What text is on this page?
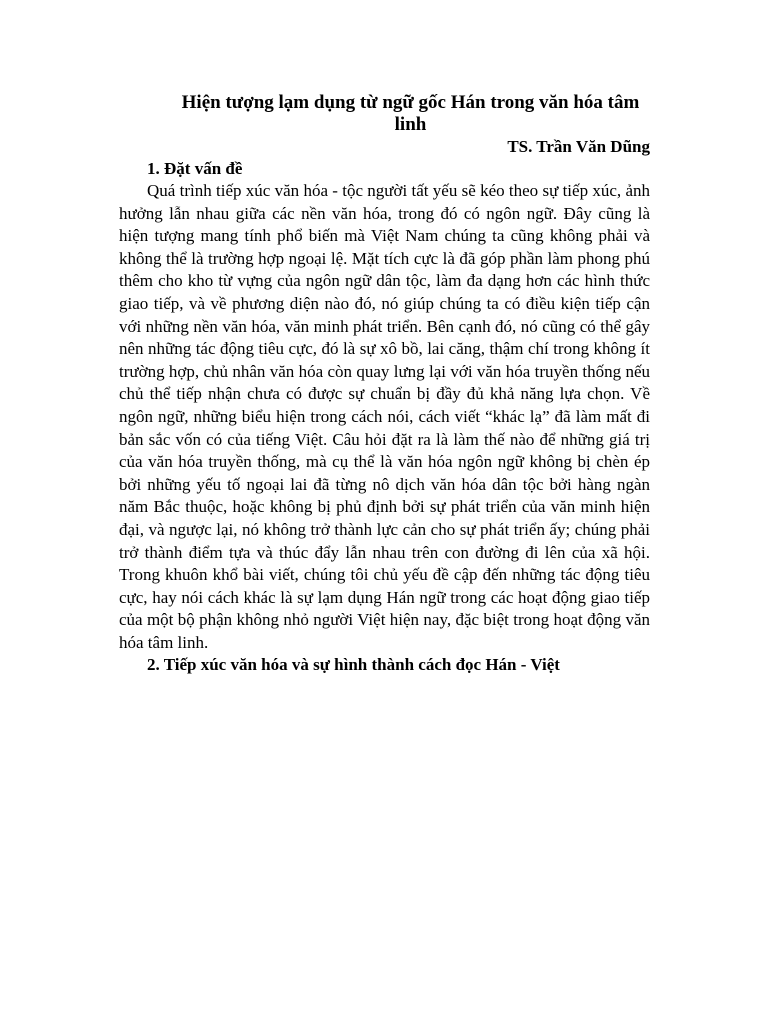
Hiện tượng lạm dụng từ ngữ gốc Hán trong văn hóa tâm linh

TS. Trần Văn Dũng

1. Đặt vấn đề

Quá trình tiếp xúc văn hóa - tộc người tất yếu sẽ kéo theo sự tiếp xúc, ảnh hưởng lẫn nhau giữa các nền văn hóa, trong đó có ngôn ngữ. Đây cũng là hiện tượng mang tính phổ biến mà Việt Nam chúng ta cũng không phải và không thể là trường hợp ngoại lệ. Mặt tích cực là đã góp phần làm phong phú thêm cho kho từ vựng của ngôn ngữ dân tộc, làm đa dạng hơn các hình thức giao tiếp, và về phương diện nào đó, nó giúp chúng ta có điều kiện tiếp cận với những nền văn hóa, văn minh phát triển. Bên cạnh đó, nó cũng có thể gây nên những tác động tiêu cực, đó là sự xô bồ, lai căng, thậm chí trong không ít trường hợp, chủ nhân văn hóa còn quay lưng lại với văn hóa truyền thống nếu chủ thể tiếp nhận chưa có được sự chuẩn bị đầy đủ khả năng lựa chọn. Về ngôn ngữ, những biểu hiện trong cách nói, cách viết “khác lạ” đã làm mất đi bản sắc vốn có của tiếng Việt. Câu hỏi đặt ra là làm thế nào để những giá trị của văn hóa truyền thống, mà cụ thể là văn hóa ngôn ngữ không bị chèn ép bởi những yếu tố ngoại lai đã từng nô dịch văn hóa dân tộc bởi hàng ngàn năm Bắc thuộc, hoặc không bị phủ định bởi sự phát triển của văn minh hiện đại, và ngược lại, nó không trở thành lực cản cho sự phát triển ấy; chúng phải trở thành điểm tựa và thúc đẩy lẫn nhau trên con đường đi lên của xã hội. Trong khuôn khổ bài viết, chúng tôi chủ yếu đề cập đến những tác động tiêu cực, hay nói cách khác là sự lạm dụng Hán ngữ trong các hoạt động giao tiếp của một bộ phận không nhỏ người Việt hiện nay, đặc biệt trong hoạt động văn hóa tâm linh.

2. Tiếp xúc văn hóa và sự hình thành cách đọc Hán - Việt
